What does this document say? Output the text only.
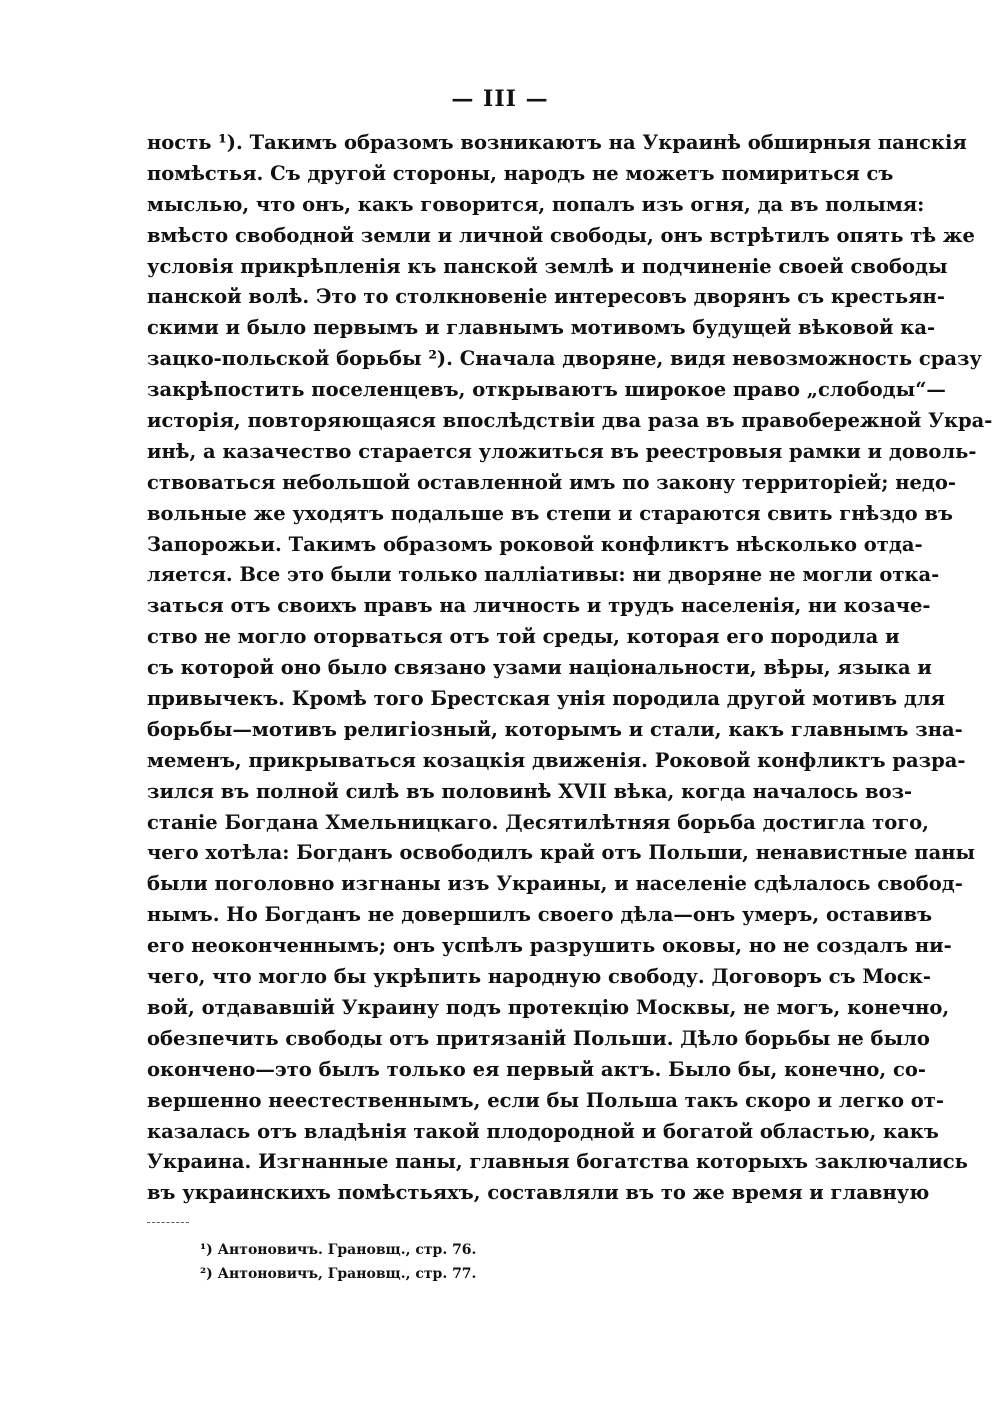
— III —
ность ¹). Такимъ образомъ возникаютъ на Украинѣ обширныя панскія
помѣстья. Съ другой стороны, народъ не можетъ помириться съ
мыслью, что онъ, какъ говорится, попалъ изъ огня, да въ полымя:
вмѣсто свободной земли и личной свободы, онъ встрѣтилъ опять тѣ же
условія прикрѣпленія къ панской землѣ и подчиненіе своей свободы
панской волѣ. Это то столкновеніе интересовъ дворянъ съ крестьян-
скими и было первымъ и главнымъ мотивомъ будущей вѣковой ка-
зацко-польской борьбы ²). Сначала дворяне, видя невозможность сразу
закрѣпостить поселенцевъ, открываютъ широкое право „слободы“—
исторія, повторяющаяся впослѣдствіи два раза въ правобережной Укра-
инѣ, а казачество старается уложиться въ реестровыя рамки и доволь-
ствоваться небольшой оставленной имъ по закону территоріей; недо-
вольные же уходятъ подальше въ степи и стараются свить гнѣздо въ
Запорожьи. Такимъ образомъ роковой конфликтъ нѣсколько отда-
ляется. Все это были только палліативы: ни дворяне не могли отка-
заться отъ своихъ правъ на личность и трудъ населенія, ни козаче-
ство не могло оторваться отъ той среды, которая его породила и
съ которой оно было связано узами національности, вѣры, языка и
привычекъ. Кромѣ того Брестская унія породила другой мотивъ для
борьбы—мотивъ религіозный, которымъ и стали, какъ главнымъ зна-
меменъ, прикрываться козацкія движенія. Роковой конфликтъ разра-
зился въ полной силѣ въ половинѣ XVII вѣка, когда началось воз-
станіе Богдана Хмельницкаго. Десятилѣтняя борьба достигла того,
чего хотѣла: Богданъ освободилъ край отъ Польши, ненавистные паны
были поголовно изгнаны изъ Украины, и населеніе сдѣлалось свобод-
нымъ. Но Богданъ не довершилъ своего дѣла—онъ умеръ, оставивъ
его неоконченнымъ; онъ успѣлъ разрушить оковы, но не создалъ ни-
чего, что могло бы укрѣпить народную свободу. Договоръ съ Моск-
вой, отдававшій Украину подъ протекцію Москвы, не могъ, конечно,
обезпечить свободы отъ притязаній Польши. Дѣло борьбы не было
окончено—это былъ только ея первый актъ. Было бы, конечно, со-
вершенно неестественнымъ, если бы Польша такъ скоро и легко от-
казалась отъ владѣнія такой плодородной и богатой областью, какъ
Украина. Изгнанные паны, главныя богатства которыхъ заключались
въ украинскихъ помѣстьяхъ, составляли въ то же время и главную
¹) Антоновичъ. Грановщ., стр. 76.
²) Антоновичъ, Грановщ., стр. 77.
